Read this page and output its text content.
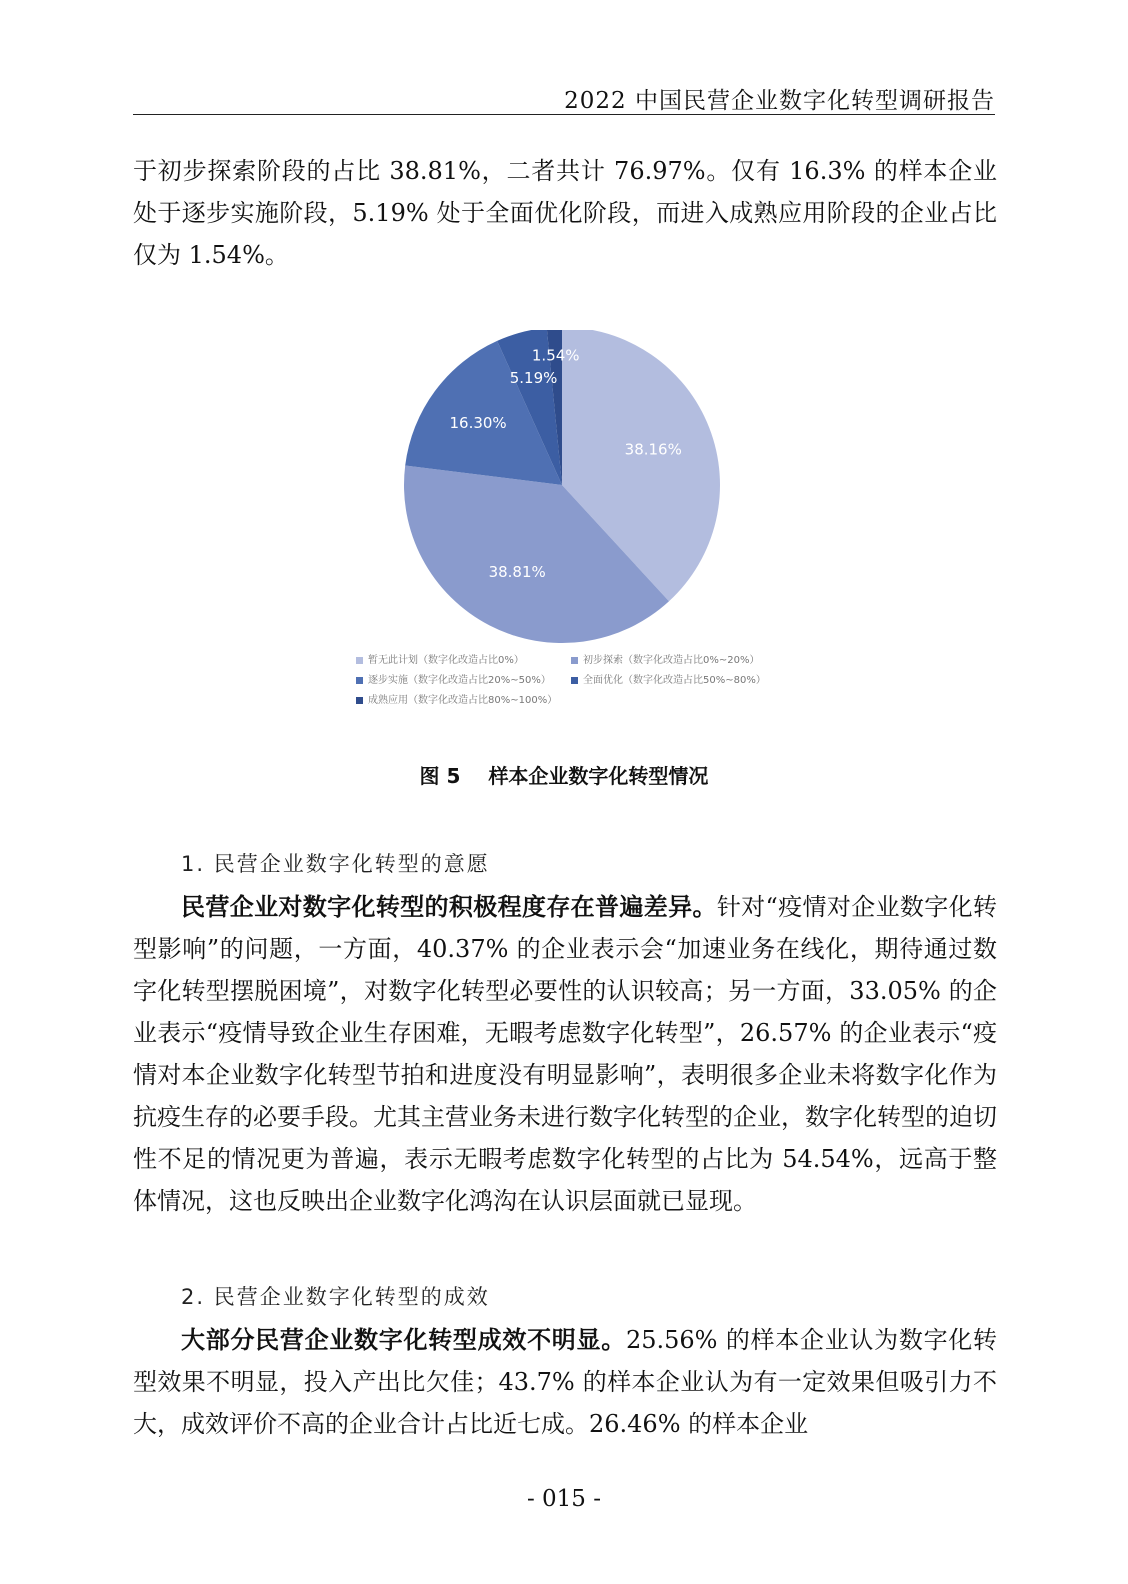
2022 中国民营企业数字化转型调研报告

于初步探索阶段的占比 38.81%，二者共计 76.97%。仅有 16.3% 的样本企业处于逐步实施阶段，5.19% 处于全面优化阶段，而进入成熟应用阶段的企业占比仅为 1.54%。

38.16%
38.81%
16.30%
5.19%
1.54%
暂无此计划（数字化改造占比0%）	初步探索（数字化改造占比0%~20%）
逐步实施（数字化改造占比20%~50%）	全面优化（数字化改造占比50%~80%）
成熟应用（数字化改造占比80%~100%）
图 5 样本企业数字化转型情况
1. 民营企业数字化转型的意愿

民营企业对数字化转型的积极程度存在普遍差异。针对“疫情对企业数字化转型影响”的问题，一方面，40.37% 的企业表示会“加速业务在线化，期待通过数字化转型摆脱困境”，对数字化转型必要性的认识较高；另一方面，33.05% 的企业表示“疫情导致企业生存困难，无暇考虑数字化转型”，26.57% 的企业表示“疫情对本企业数字化转型节拍和进度没有明显影响”，表明很多企业未将数字化作为抗疫生存的必要手段。尤其主营业务未进行数字化转型的企业，数字化转型的迫切性不足的情况更为普遍，表示无暇考虑数字化转型的占比为 54.54%，远高于整体情况，这也反映出企业数字化鸿沟在认识层面就已显现。

2. 民营企业数字化转型的成效

大部分民营企业数字化转型成效不明显。25.56% 的样本企业认为数字化转型效果不明显，投入产出比欠佳；43.7% 的样本企业认为有一定效果但吸引力不大，成效评价不高的企业合计占比近七成。26.46% 的样本企业

- 015 -
